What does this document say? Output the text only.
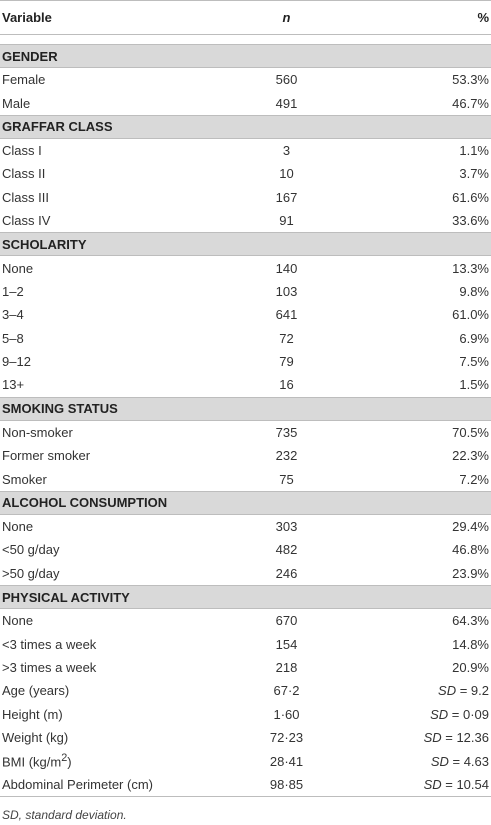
Variable	n	%

GENDER		
Female	560	53.3%
Male	491	46.7%
GRAFFAR CLASS		
Class I	3	1.1%
Class II	10	3.7%
Class III	167	61.6%
Class IV	91	33.6%
SCHOLARITY		
None	140	13.3%
1–2	103	9.8%
3–4	641	61.0%
5–8	72	6.9%
9–12	79	7.5%
13+	16	1.5%
SMOKING STATUS		
Non-smoker	735	70.5%
Former smoker	232	22.3%
Smoker	75	7.2%
ALCOHOL CONSUMPTION		
None	303	29.4%
<50 g/day	482	46.8%
>50 g/day	246	23.9%
PHYSICAL ACTIVITY		
None	670	64.3%
<3 times a week	154	14.8%
>3 times a week	218	20.9%
Age (years)	67·2	SD = 9.2
Height (m)	1·60	SD = 0·09
Weight (kg)	72·23	SD = 12.36
BMI $(kg/m^2)$	28·41	SD = 4.63
Abdominal Perimeter (cm)	98·85	SD = 10.54
SD, standard deviation.
